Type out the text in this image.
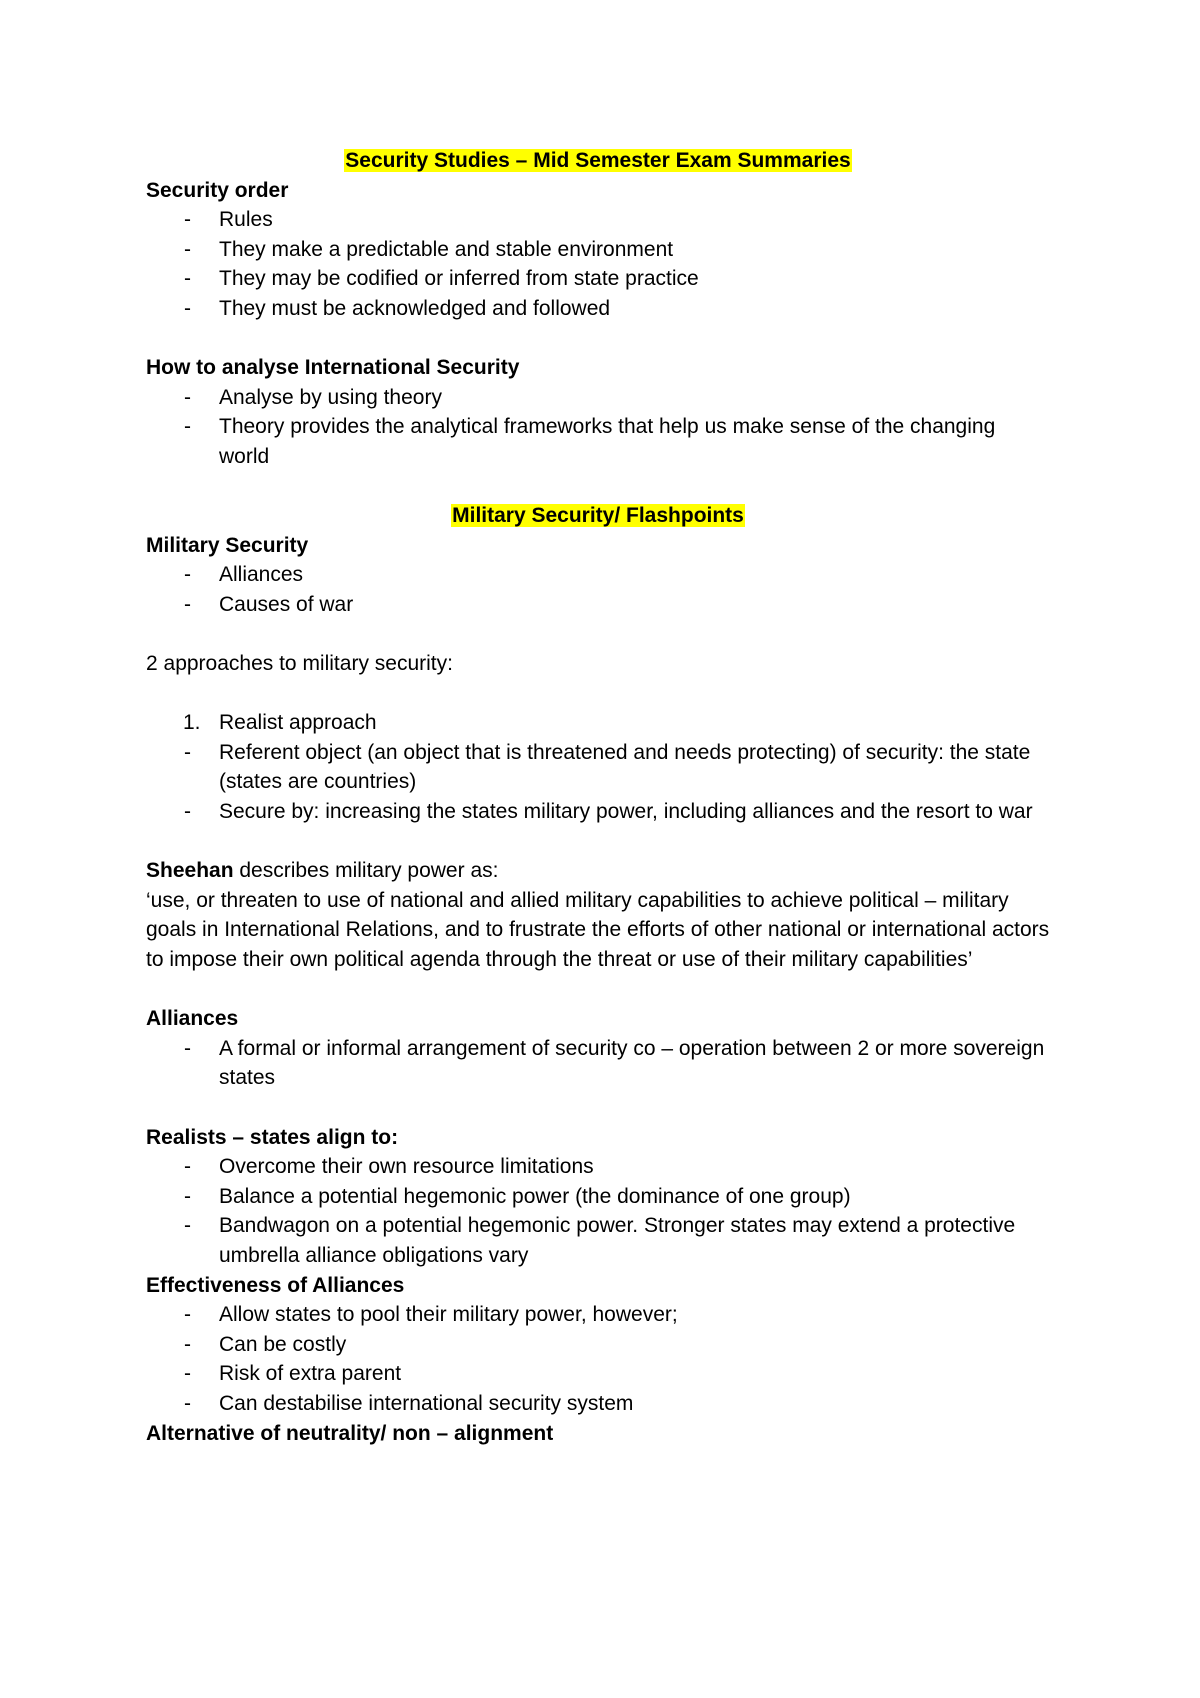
Security Studies – Mid Semester Exam Summaries

Security order

- Rules
- They make a predictable and stable environment
- They may be codified or inferred from state practice
- They must be acknowledged and followed

How to analyse International Security

- Analyse by using theory
- Theory provides the analytical frameworks that help us make sense of the changing world

Military Security/ Flashpoints

Military Security

- Alliances
- Causes of war

2 approaches to military security:

1. Realist approach
- Referent object (an object that is threatened and needs protecting) of security: the state (states are countries)
- Secure by: increasing the states military power, including alliances and the resort to war

Sheehan describes military power as:

‘use, or threaten to use of national and allied military capabilities to achieve political – military goals in International Relations, and to frustrate the efforts of other national or international actors to impose their own political agenda through the threat or use of their military capabilities’

Alliances

- A formal or informal arrangement of security co – operation between 2 or more sovereign states

Realists – states align to:

- Overcome their own resource limitations
- Balance a potential hegemonic power (the dominance of one group)
- Bandwagon on a potential hegemonic power. Stronger states may extend a protective umbrella alliance obligations vary

Effectiveness of Alliances

- Allow states to pool their military power, however;
- Can be costly
- Risk of extra parent
- Can destabilise international security system

Alternative of neutrality/ non – alignment
